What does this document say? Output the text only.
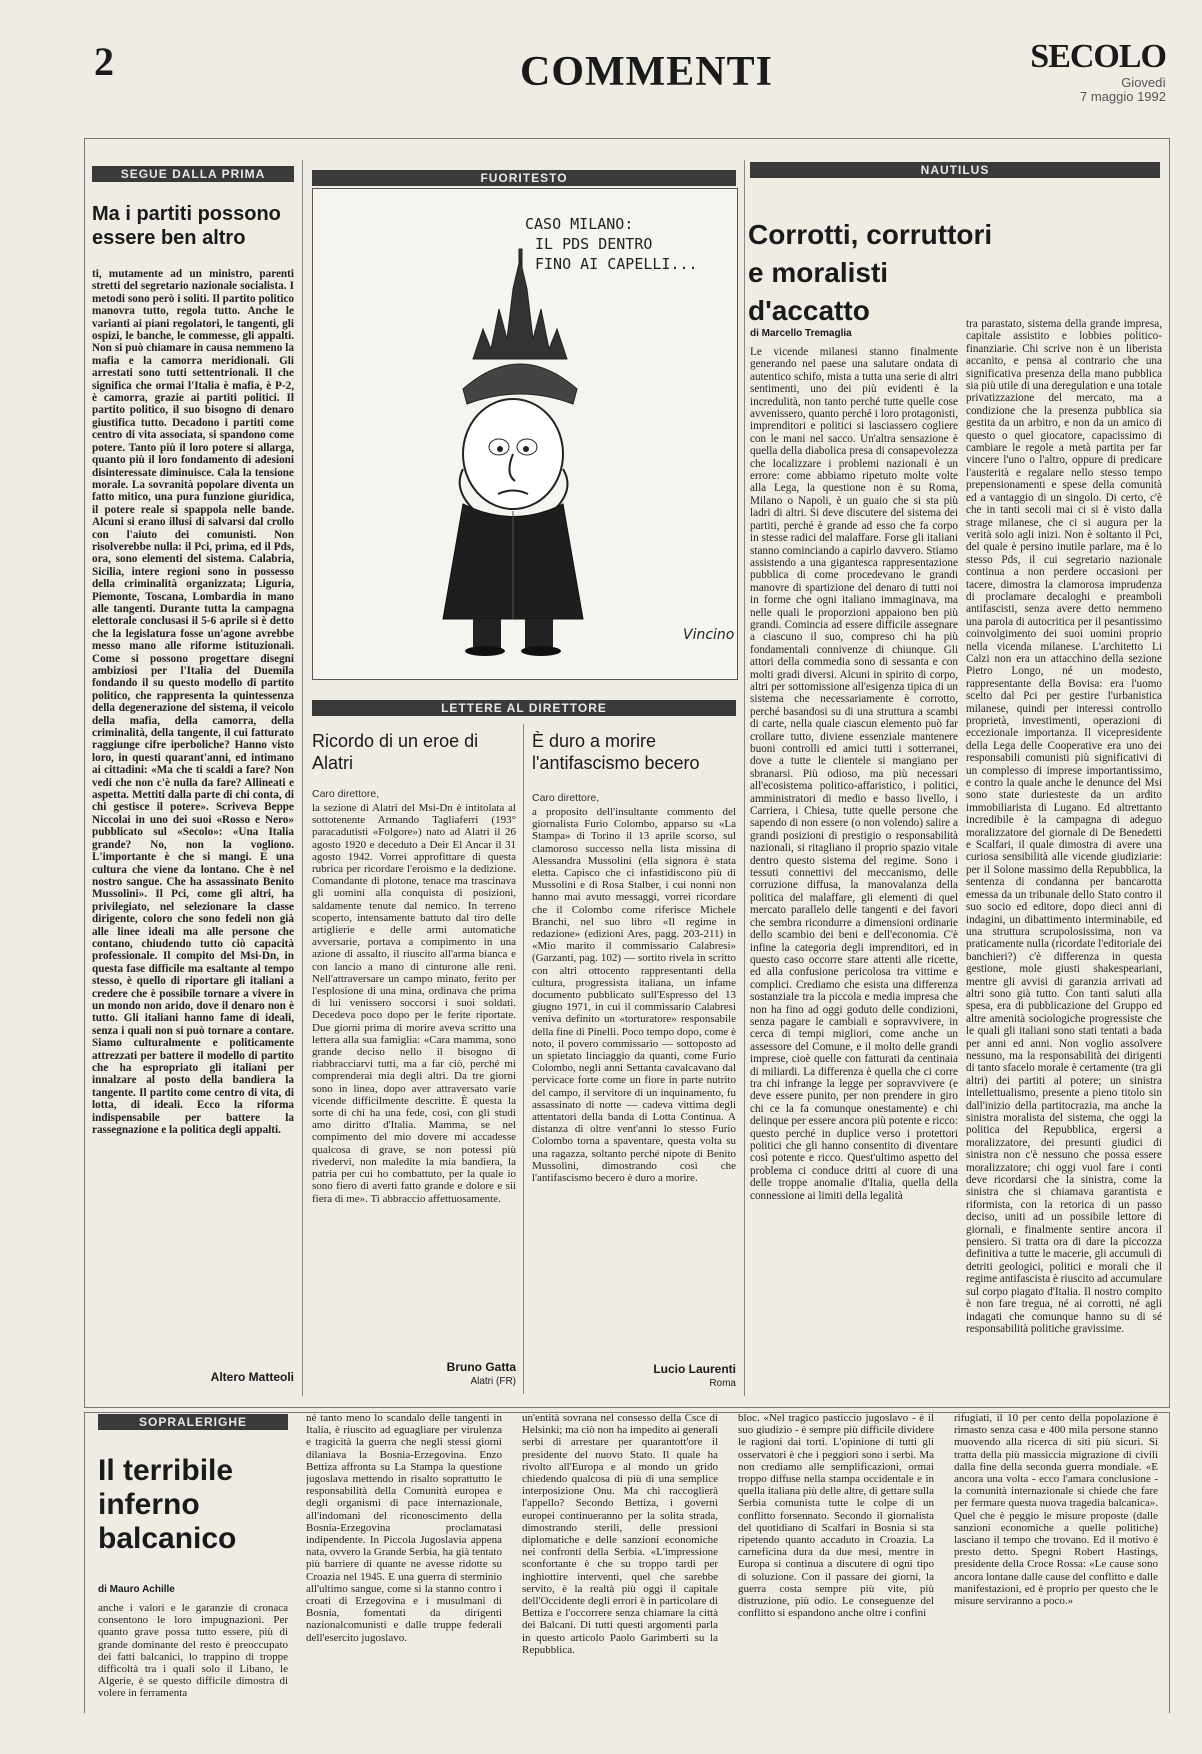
2	COMMENTI	SECOLO
Giovedì
7 maggio 1992
SEGUE DALLA PRIMA
Ma i partiti possono essere ben altro
ti, mutamente ad un ministro, parenti stretti del segretario nazionale socialista. I metodi sono però i soliti. Il partito politico manovra tutto, regola tutto. Anche le varianti ai piani regolatori, le tangenti, gli ospizi, le banche, le commesse, gli appalti. Non si può chiamare in causa nemmeno la mafia e la camorra meridionali. Gli arrestati sono tutti settentrionali. Il che significa che ormai l'Italia è mafia, è P-2, è camorra, grazie ai partiti politici. Il partito politico, il suo bisogno di denaro giustifica tutto. Decadono i partiti come centro di vita associata, si spandono come potere. Tanto più il loro potere si allarga, quanto più il loro fondamento di adesioni disinteressate diminuisce. Cala la tensione morale. La sovranità popolare diventa un fatto mitico, una pura funzione giuridica, il potere reale si spappola nelle bande. Alcuni si erano illusi di salvarsi dal crollo con l'aiuto dei comunisti. Non risolverebbe nulla: il Pci, prima, ed il Pds, ora, sono elementi del sistema. Calabria, Sicilia, intere regioni sono in possesso della criminalità organizzata; Liguria, Piemonte, Toscana, Lombardia in mano alle tangenti. Durante tutta la campagna elettorale conclusasi il 5-6 aprile si è detto che la legislatura fosse un'agone avrebbe messo mano alle riforme istituzionali. Come si possono progettare disegni ambiziosi per l'Italia del Duemila fondando il su questo modello di partito politico, che rappresenta la quintessenza della degenerazione del sistema, il veicolo della mafia, della camorra, della criminalità, della tangente, il cui fatturato raggiunge cifre iperboliche? Hanno visto loro, in questi quarant'anni, ed intimano ai cittadini: «Ma che ti scaldi a fare? Non vedi che non c'è nulla da fare? Allineati e aspetta. Mettiti dalla parte di chi conta, di chi gestisce il potere». Scriveva Beppe Niccolai in uno dei suoi «Rosso e Nero» pubblicato sul «Secolo»: «Una Italia grande? No, non la vogliono. L'importante è che si mangi. E una cultura che viene da lontano. Che è nel nostro sangue. Che ha assassinato Benito Mussolini». Il Pci, come gli altri, ha privilegiato, nel selezionare la classe dirigente, coloro che sono fedeli non già alle linee ideali ma alle persone che contano, chiudendo tutto ciò capacità professionale. Il compito del Msi-Dn, in questa fase difficile ma esaltante al tempo stesso, è quello di riportare gli italiani a credere che è possibile tornare a vivere in un mondo non arido, dove il denaro non è tutto. Gli italiani hanno fame di ideali, senza i quali non si può tornare a contare. Siamo culturalmente e politicamente attrezzati per battere il modello di partito che ha espropriato gli italiani per innalzare al posto della bandiera la tangente. Il partito come centro di vita, di lotta, di ideali. Ecco la riforma indispensabile per battere la rassegnazione e la politica degli appalti.
Altero Matteoli
FUORITESTO
Vincino
CASO MILANO:
IL PDS DENTRO
FINO AI CAPELLI...
LETTERE AL DIRETTORE
Ricordo di un eroe di Alatri
Caro direttore,
la sezione di Alatri del Msi-Dn è intitolata al sottotenente Armando Tagliaferri (193° paracadutisti «Folgore») nato ad Alatri il 26 agosto 1920 e deceduto a Deir El Ancar il 31 agosto 1942. Vorrei approfittare di questa rubrica per ricordare l'eroismo e la dedizione. Comandante di plotone, tenace ma trascinava gli uomini alla conquista di posizioni, saldamente tenute dal nemico. In terreno scoperto, intensamente battuto dal tiro delle artiglierie e delle armi automatiche avversarie, portava a compimento in una azione di assalto, il riuscito all'arma bianca e con lancio a mano di cinturone alle reni. Nell'attraversare un campo minato, ferito per l'esplosione di una mina, ordinava che prima di lui venissero soccorsi i suoi soldati. Decedeva poco dopo per le ferite riportate. Due giorni prima di morire aveva scritto una lettera alla sua famiglia: «Cara mamma, sono grande deciso nello il bisogno di riabbracciarvi tutti, ma a far ciò, perché mi comprenderai mia degli altri. Da tre giorni sono in linea, dopo aver attraversato varie vicende difficilmente descritte. È questa la sorte di chi ha una fede, così, con gli studi amo diritto d'Italia. Mamma, se nel compimento del mio dovere mi accadesse qualcosa di grave, se non potessi più rivedervi, non maledite la mia bandiera, la patria per cui ho combattuto, per la quale io sono fiero di averti fatto grande e dolore e sii fiera di me». Ti abbraccio affettuosamente.
Bruno Gatta
Alatri (FR)
È duro a morire l'antifascismo becero
Caro direttore,
a proposito dell'insultante commento del giornalista Furio Colombo, apparso su «La Stampa» di Torino il 13 aprile scorso, sul clamoroso successo nella lista missina di Alessandra Mussolini (ella signora è stata eletta. Capisco che ci infastidiscono più di Mussolini e di Rosa Stalber, i cui nonni non hanno mai avuto messaggi, vorrei ricordare che il Colombo come riferisce Michele Branchi, nel suo libro «Il regime in redazione» (edizioni Ares, pagg. 203-211) in «Mio marito il commissario Calabresi» (Garzanti, pag. 102) — sortito rivela in scritto con altri ottocento rappresentanti della cultura, progressista italiana, un infame documento pubblicato sull'Espresso del 13 giugno 1971, in cui il commissario Calabresi veniva definito un «torturatore» responsabile della fine di Pinelli. Poco tempo dopo, come è noto, il povero commissario — sottoposto ad un spietato linciaggio da quanti, come Furio Colombo, negli anni Settanta cavalcavano dal pervicace forte come un fiore in parte nutrito del campo, il servitore di un inquinamento, fu assassinato di notte — cadeva vittima degli attentatori della banda di Lotta Continua. A distanza di oltre vent'anni lo stesso Furio Colombo torna a spaventare, questa volta su una ragazza, soltanto perché nipote di Benito Mussolini, dimostrando così che l'antifascismo becero è duro a morire.
Lucio Laurenti
Roma
NAUTILUS
Corrotti, corruttori e moralisti d'accatto
di Marcello Tremaglia
Le vicende milanesi stanno finalmente generando nel paese una salutare ondata di autentico schifo, mista a tutta una serie di altri sentimenti, uno dei più evidenti è la incredulità, non tanto perché tutte quelle cose avvenissero, quanto perché i loro protagonisti, imprenditori e politici si lasciassero cogliere con le mani nel sacco. Un'altra sensazione è quella della diabolica presa di consapevolezza che localizzare i problemi nazionali è un errore: come abbiamo ripetuto molte volte alla Lega, la questione non è su Roma, Milano o Napoli, è un guaio che si sta più ladri di altri. Si deve discutere del sistema dei partiti, perché è grande ad esso che fa corpo in stesse radici del malaffare. Forse gli italiani stanno cominciando a capirlo davvero. Stiamo assistendo a una gigantesca rappresentazione pubblica di come procedevano le grandi manovre di spartizione del denaro di tutti noi in forme che ogni italiano immaginava, ma nelle quali le proporzioni appaiono ben più grandi. Comincia ad essere difficile assegnare a ciascuno il suo, compreso chi ha più fondamentali connivenze di chiunque. Gli attori della commedia sono di sessanta e con molti gradi diversi. Alcuni in spirito di corpo, altri per sottomissione all'esigenza tipica di un sistema che necessariamente è corrotto, perché basandosi su di una struttura a scambi di carte, nella quale ciascun elemento può far crollare tutto, diviene essenziale mantenere buoni controlli ed amici tutti i sotterranei, dove a tutte le clientele si mangiano per sbranarsi. Più odioso, ma più necessari all'ecosistema politico-affaristico, i politici, amministratori di medio e basso livello, i Carriera, i Chiesa, tutte quelle persone che sapendo di non essere (o non volendo) salire a grandi posizioni di prestigio o responsabilità nazionali, si ritagliano il proprio spazio vitale dentro questo sistema del regime. Sono i tessuti connettivi del meccanismo, delle corruzione diffusa, la manovalanza della politica del malaffare, gli elementi di quel mercato parallelo delle tangenti e dei favori che sembra ricondurre a dimensioni ordinarie dello scambio dei beni e dell'economia. C'è infine la categoria degli imprenditori, ed in questo caso occorre stare attenti alle ricette, ed alla confusione pericolosa tra vittime e complici. Crediamo che esista una differenza sostanziale tra la piccola e media impresa che non ha fino ad oggi goduto delle condizioni, senza pagare le cambiali e sopravvivere, in cerca di tempi migliori, come anche un assessore del Comune, e il molto delle grandi imprese, cioè quelle con fatturati da centinaia di miliardi. La differenza è quella che ci corre tra chi infrange la legge per sopravvivere (e deve essere punito, per non prendere in giro chi ce la fa comunque onestamente) e chi delinque per essere ancora più potente e ricco: questo perché in duplice verso i protettori politici che gli hanno consentito di diventare così potente e ricco. Quest'ultimo aspetto del problema ci conduce dritti al cuore di una delle troppe anomalie d'Italia, quella della connessione ai limiti della legalità
tra parastato, sistema della grande impresa, capitale assistito e lobbies politico-finanziarie. Chi scrive non è un liberista accanito, e pensa al contrario che una significativa presenza della mano pubblica sia più utile di una deregulation e una totale privatizzazione del mercato, ma a condizione che la presenza pubblica sia gestita da un arbitro, e non da un amico di questo o quel giocatore, capacissimo di cambiare le regole a metà partita per far vincere l'uno o l'altro, oppure di predicare l'austerità e regalare nello stesso tempo prepensionamenti e spese della comunità ed a vantaggio di un singolo. Di certo, c'è che in tanti secoli mai ci si è visto dalla strage milanese, che ci si augura per la verità solo agli inizi. Non è soltanto il Pci, del quale è persino inutile parlare, ma è lo stesso Pds, il cui segretario nazionale continua a non perdere occasioni per tacere, dimostra la clamorosa imprudenza di proclamare decaloghi e preamboli antifascisti, senza avere detto nemmeno una parola di autocritica per il pesantissimo coinvolgimento dei suoi uomini proprio nella vicenda milanese. L'architetto Li Calzi non era un attacchino della sezione Pietro Longo, né un modesto, rappresentante della Bovisa: era l'uomo scelto dal Pci per gestire l'urbanistica milanese, quindi per interessi controllo proprietà, investimenti, operazioni di eccezionale importanza. Il vicepresidente della Lega delle Cooperative era uno dei responsabili comunisti più significativi di un complesso di imprese importantissimo, e contro la quale anche le denunce del Msi sono state duriesteste da un ardito immobiliarista di Lugano. Ed altrettanto incredibile è la campagna di adeguo moralizzatore del giornale di De Benedetti e Scalfari, il quale dimostra di avere una curiosa sensibilità alle vicende giudiziarie: per il Solone massimo della Repubblica, la sentenza di condanna per bancarotta emessa da un tribunale dello Stato contro il suo socio ed editore, dopo dieci anni di indagini, un dibattimento interminabile, ed una struttura scrupolosissima, non va praticamente nulla (ricordate l'editoriale dei banchieri?) c'è differenza in questa gestione, mole giusti shakespeariani, mentre gli avvisi di garanzia arrivati ad altri sono già tutto. Con tanti saluti alla spesa, era di pubblicazione del Gruppo ed altre amenità sociologiche progressiste che le quali gli italiani sono stati tentati a bada per anni ed anni. Non voglio assolvere nessuno, ma la responsabilità dei dirigenti di tanto sfacelo morale è certamente (tra gli altri) dei partiti al potere; un sinistra intellettualismo, presente a pieno titolo sin dall'inizio della partitocrazia, ma anche la sinistra moralista del sistema, che oggi la politica del Repubblica, ergersi a moralizzatore, dei presunti giudici di sinistra non c'è nessuno che possa essere moralizzatore; chi oggi vuol fare i conti deve ricordarsi che la sinistra, come la sinistra che si chiamava garantista e riformista, con la retorica di un passo deciso, uniti ad un possibile lettore di giornali, e finalmente sentire ancora il pensiero. Si tratta ora di dare la piccozza definitiva a tutte le macerie, gli accumuli di detriti geologici, politici e morali che il regime antifascista è riuscito ad accumulare sul corpo piagato d'Italia. Il nostro compito è non fare tregua, né ai corrotti, né agli indagati che comunque hanno su di sé responsabilità politiche gravissime.
SOPRALERIGHE
Il terribile inferno balcanico
di Mauro Achille
anche i valori e le garanzie di cronaca consentono le loro impugnazioni. Per quanto grave possa tutto essere, più di grande dominante del resto è preoccupato dei fatti balcanici, lo trappino di troppe difficoltà tra i quali solo il Libano, le Algerie, è se questo difficile dimostra di volere in ferramenta
né tanto meno lo scandalo delle tangenti in Italia, è riuscito ad eguagliare per virulenza e tragicità la guerra che negli stessi giorni dilaniava la Bosnia-Erzegovina. Enzo Bettiza affronta su La Stampa la questione jugoslava mettendo in risalto soprattutto le responsabilità della Comunità europea e degli organismi di pace internazionale, all'indomani del riconoscimento della Bosnia-Erzegovina proclamatasi indipendente. In Piccola Jugoslavia appena nata, ovvero la Grande Serbia, ha già tentato più barriere di quante ne avesse ridotte su Croazia nel 1945. E una guerra di sterminio all'ultimo sangue, come si la stanno contro i croati di Erzegovina e i musulmani di Bosnia, fomentati da dirigenti nazionalcomunisti e dalle truppe federali dell'esercito jugoslavo.
un'entità sovrana nel consesso della Csce di Helsinki; ma ciò non ha impedito ai generali serbi di arrestare per quarantott'ore il presidente del nuovo Stato. Il quale ha rivolto all'Europa e al mondo un grido chiedendo qualcosa di più di una semplice interposizione Onu. Ma chi raccoglierà l'appello? Secondo Bettiza, i governi europei continueranno per la solita strada, dimostrando sterili, delle pressioni diplomatiche e delle sanzioni economiche nei confronti della Serbia. «L'impressione sconfortante è che su troppo tardi per inghiottire interventi, quel che sarebbe servito, è la realtà più oggi il capitale dell'Occidente degli errori è in particolare di Bettiza e l'occorrere senza chiamare la città dei Balcani. Di tutti questi argomenti parla in questo articolo Paolo Garimberti su la Repubblica.
bloc. «Nel tragico pasticcio jugoslavo - è il suo giudizio - è sempre più difficile dividere le ragioni dai torti. L'opinione di tutti gli osservatori è che i peggiori sono i serbi. Ma non crediamo alle semplificazioni, ormai troppo diffuse nella stampa occidentale e in quella italiana più delle altre, di gettare sulla Serbia comunista tutte le colpe di un conflitto forsennato. Secondo il giornalista del quotidiano di Scalfari in Bosnia si sta ripetendo quanto accaduto in Croazia. La carneficina dura da due mesi, mentre in Europa si continua a discutere di ogni tipo di soluzione. Con il passare dei giorni, la guerra costa sempre più vite, più distruzione, più odio. Le conseguenze del conflitto si espandono anche oltre i confini
rifugiati, il 10 per cento della popolazione è rimasto senza casa e 400 mila persone stanno muovendo alla ricerca di siti più sicuri. Si tratta della più massiccia migrazione di civili dalla fine della seconda guerra mondiale. «E ancora una volta - ecco l'amara conclusione - la comunità internazionale si chiede che fare per fermare questa nuova tragedia balcanica». Quel che è peggio le misure proposte (dalle sanzioni economiche a quelle politiche) lasciano il tempo che trovano. Ed il motivo è presto detto. Spegni Robert Hastings, presidente della Croce Rossa: «Le cause sono ancora lontane dalle cause del conflitto e dalle manifestazioni, ed è proprio per questo che le misure serviranno a poco.»
